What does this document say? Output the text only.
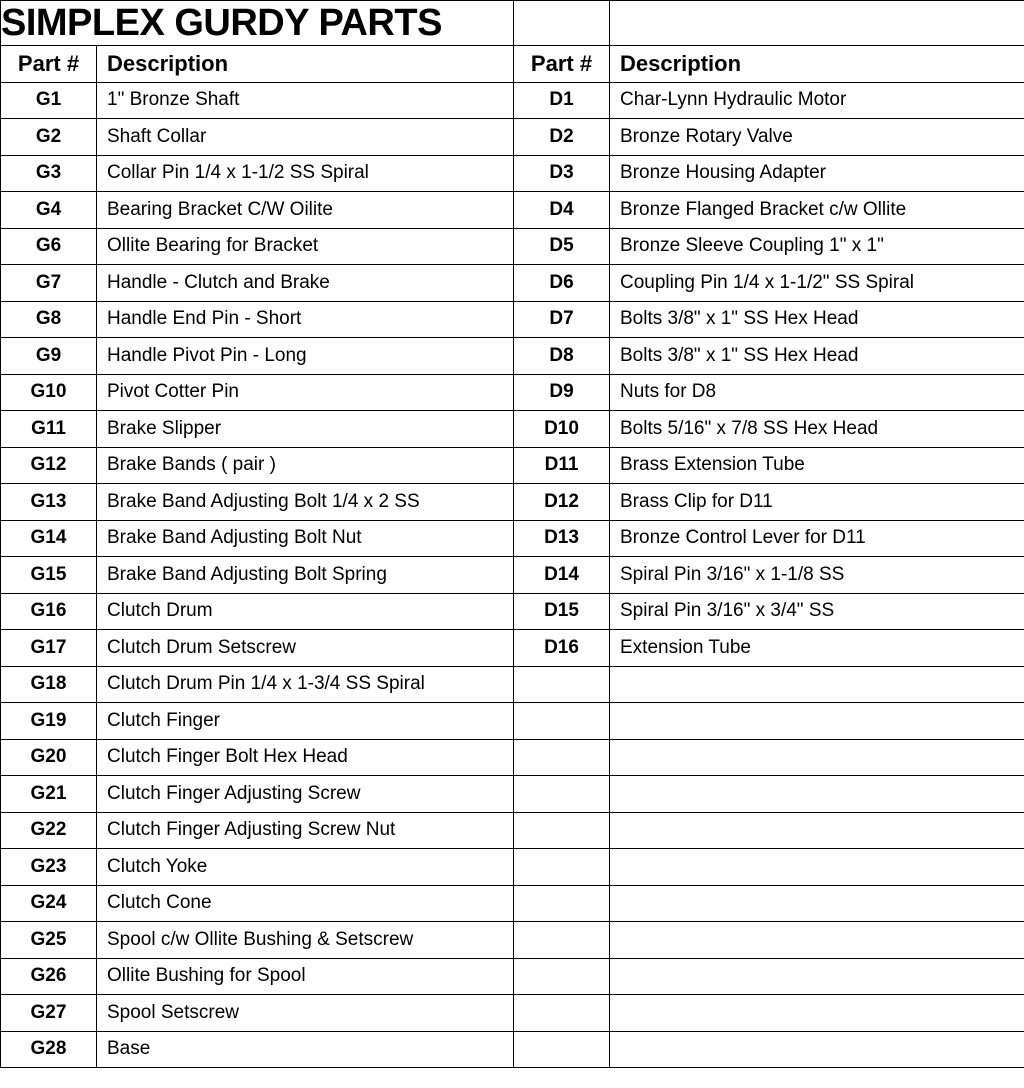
SIMPLEX GURDY PARTS			

Part #	Description	Part #	Description

G1	1" Bronze Shaft	D1	Char-Lynn Hydraulic Motor

G2	Shaft Collar	D2	Bronze Rotary Valve

G3	Collar Pin 1/4 x 1-1/2 SS Spiral	D3	Bronze Housing Adapter

G4	Bearing Bracket C/W Oilite	D4	Bronze Flanged Bracket c/w Ollite

G6	Ollite Bearing for Bracket	D5	Bronze Sleeve Coupling 1" x 1"

G7	Handle - Clutch and Brake	D6	Coupling Pin 1/4 x 1-1/2" SS Spiral

G8	Handle End Pin - Short	D7	Bolts 3/8" x 1" SS Hex Head

G9	Handle Pivot Pin - Long	D8	Bolts 3/8" x 1" SS Hex Head

G10	Pivot Cotter Pin	D9	Nuts for D8

G11	Brake Slipper	D10	Bolts 5/16" x 7/8 SS Hex Head

G12	Brake Bands ( pair )	D11	Brass Extension Tube

G13	Brake Band Adjusting Bolt 1/4 x 2 SS	D12	Brass Clip for D11

G14	Brake Band Adjusting Bolt Nut	D13	Bronze Control Lever for D11

G15	Brake Band Adjusting Bolt Spring	D14	Spiral Pin 3/16" x 1-1/8 SS

G16	Clutch Drum	D15	Spiral Pin 3/16" x 3/4" SS

G17	Clutch Drum Setscrew	D16	Extension Tube

G18	Clutch Drum Pin 1/4 x 1-3/4 SS Spiral		

G19	Clutch Finger		

G20	Clutch Finger Bolt Hex Head		

G21	Clutch Finger Adjusting Screw		

G22	Clutch Finger Adjusting Screw Nut		

G23	Clutch Yoke		

G24	Clutch Cone		

G25	Spool c/w Ollite Bushing & Setscrew		

G26	Ollite Bushing for Spool		

G27	Spool Setscrew		

G28	Base		
